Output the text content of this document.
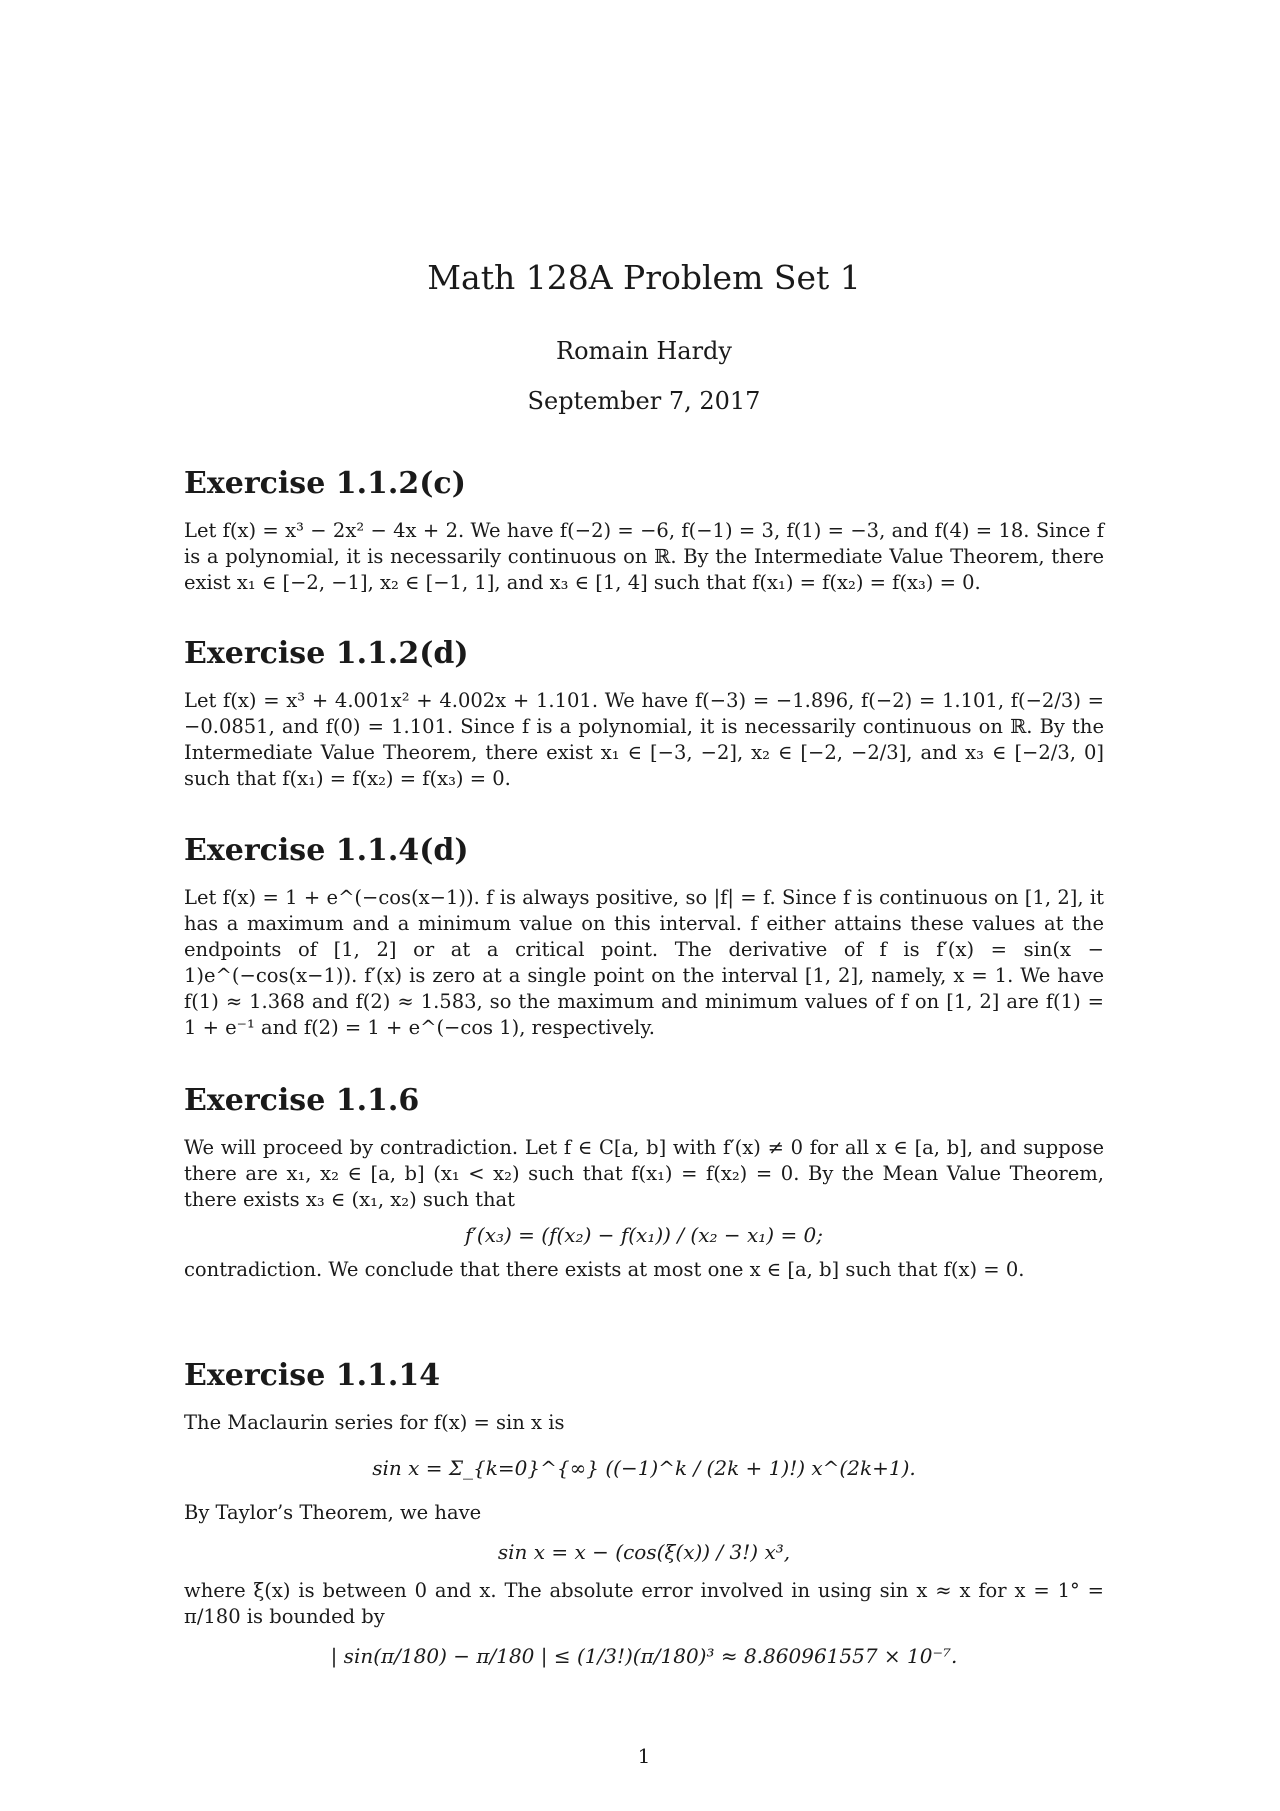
Math 128A Problem Set 1
Romain Hardy
September 7, 2017
Exercise 1.1.2(c)

Let f(x) = x³ − 2x² − 4x + 2. We have f(−2) = −6, f(−1) = 3, f(1) = −3, and f(4) = 18. Since f is a polynomial, it is necessarily continuous on ℝ. By the Intermediate Value Theorem, there exist x₁ ∈ [−2, −1], x₂ ∈ [−1, 1], and x₃ ∈ [1, 4] such that f(x₁) = f(x₂) = f(x₃) = 0.

Exercise 1.1.2(d)

Let f(x) = x³ + 4.001x² + 4.002x + 1.101. We have f(−3) = −1.896, f(−2) = 1.101, f(−2/3) = −0.0851, and f(0) = 1.101. Since f is a polynomial, it is necessarily continuous on ℝ. By the Intermediate Value Theorem, there exist x₁ ∈ [−3, −2], x₂ ∈ [−2, −2/3], and x₃ ∈ [−2/3, 0] such that f(x₁) = f(x₂) = f(x₃) = 0.

Exercise 1.1.4(d)

Let f(x) = 1 + e^(−cos(x−1)). f is always positive, so |f| = f. Since f is continuous on [1, 2], it has a maximum and a minimum value on this interval. f either attains these values at the endpoints of [1, 2] or at a critical point. The derivative of f is f′(x) = sin(x − 1)e^(−cos(x−1)). f′(x) is zero at a single point on the interval [1, 2], namely, x = 1. We have f(1) ≈ 1.368 and f(2) ≈ 1.583, so the maximum and minimum values of f on [1, 2] are f(1) = 1 + e⁻¹ and f(2) = 1 + e^(−cos 1), respectively.

Exercise 1.1.6

We will proceed by contradiction. Let f ∈ C[a, b] with f′(x) ≠ 0 for all x ∈ [a, b], and suppose there are x₁, x₂ ∈ [a, b] (x₁ < x₂) such that f(x₁) = f(x₂) = 0. By the Mean Value Theorem, there exists x₃ ∈ (x₁, x₂) such that

f′(x₃) = (f(x₂) − f(x₁)) / (x₂ − x₁) = 0;

contradiction. We conclude that there exists at most one x ∈ [a, b] such that f(x) = 0.

Exercise 1.1.14

The Maclaurin series for f(x) = sin x is

sin x = Σ_{k=0}^{∞} ((−1)^k / (2k + 1)!) x^(2k+1).

By Taylor’s Theorem, we have

sin x = x − (cos(ξ(x)) / 3!) x³,

where ξ(x) is between 0 and x. The absolute error involved in using sin x ≈ x for x = 1° = π/180 is bounded by

| sin(π/180) − π/180 | ≤ (1/3!)(π/180)³ ≈ 8.860961557 × 10⁻⁷.
1
